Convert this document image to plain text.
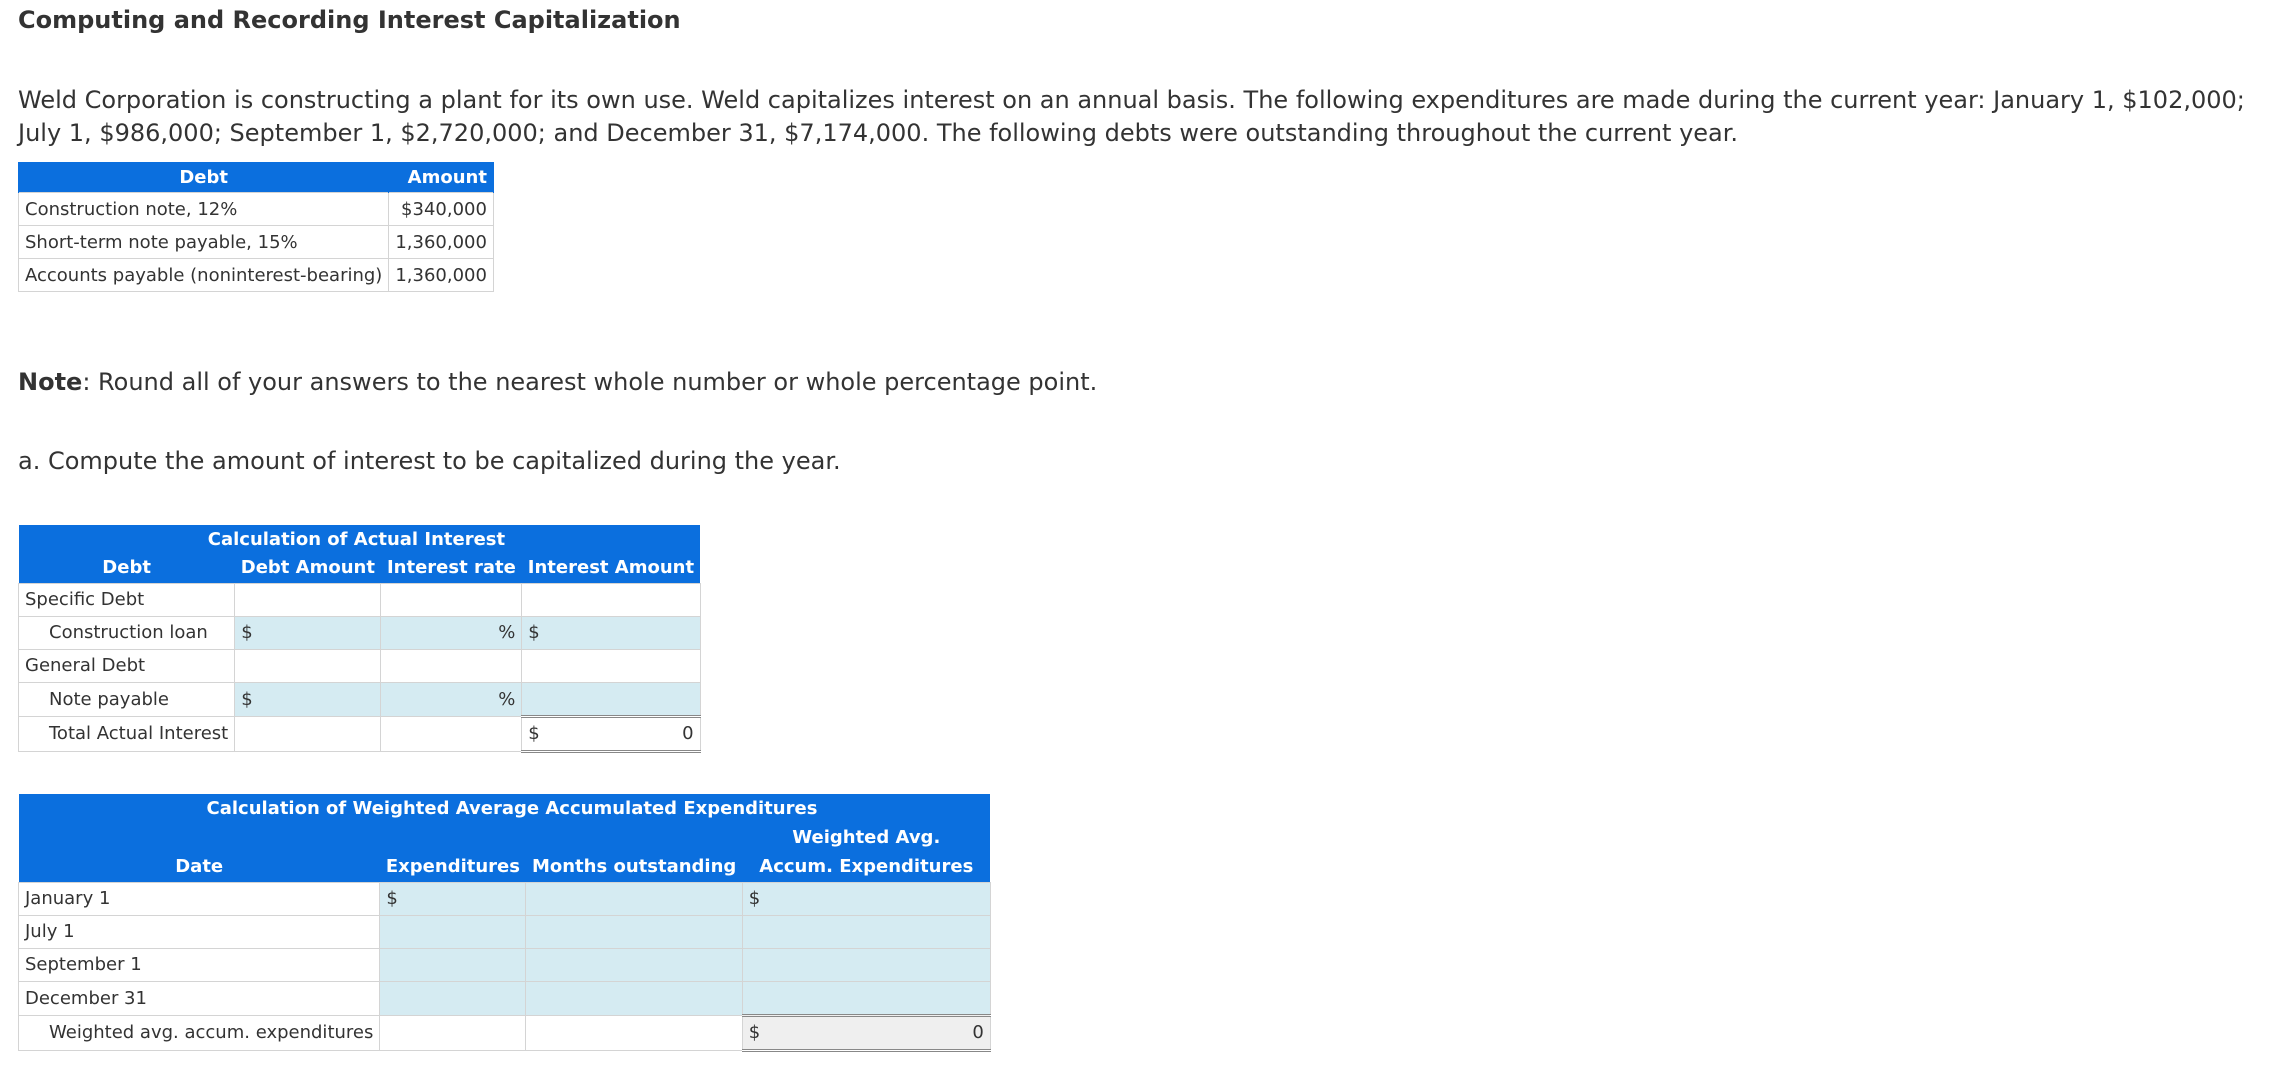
Computing and Recording Interest Capitalization
Weld Corporation is constructing a plant for its own use. Weld capitalizes interest on an annual basis. The following expenditures are made during the current year: January 1, $102,000; July 1, $986,000; September 1, $2,720,000; and December 31, $7,174,000. The following debts were outstanding throughout the current year.
Debt	Amount
Construction note, 12%	$340,000
Short-term note payable, 15%	1,360,000
Accounts payable (noninterest-bearing)	1,360,000
Note: Round all of your answers to the nearest whole number or whole percentage point.
a. Compute the amount of interest to be capitalized during the year.
	Calculation of Actual Interest		
Debt	Debt Amount	Interest rate	Interest Amount
Specific Debt			
Construction loan	$	%	$

General Debt			
Note payable	$	%	

Total Actual Interest			$ 0
Calculation of Weighted Average Accumulated Expenditures			
			Weighted Avg.
Date	Expenditures	Months outstanding	Accum. Expenditures
January 1	$		$

July 1			
September 1			
December 31			
Weighted avg. accum. expenditures			$ 0
